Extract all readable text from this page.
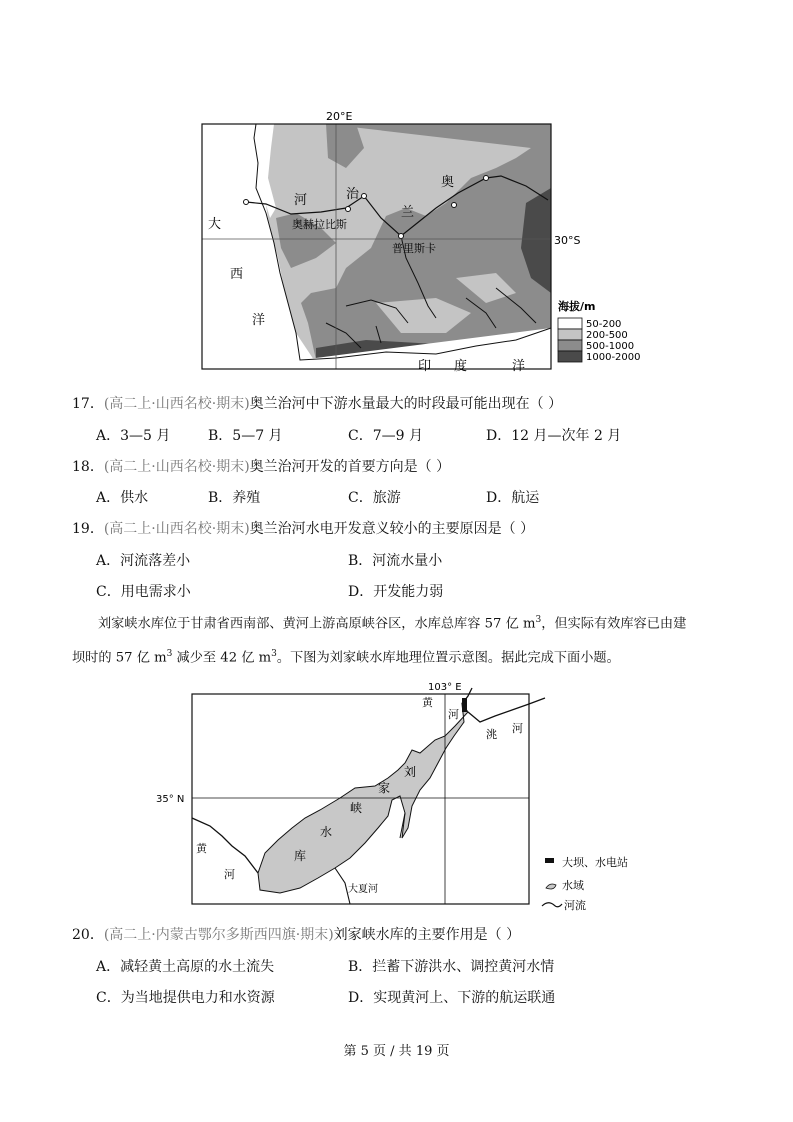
20°E
30°S
大
西
洋
河	治
奥
兰
奥赫拉比斯
普里斯卡
印 度	洋
海拔/m
50-200
200-500
500-1000
1000-2000
17．(高二上·山西名校·期末)奥兰治河中下游水量最大的时段最可能出现在（ ）
A．3—5 月	B．5—7 月	C．7—9 月	D．12 月—次年 2 月
18．(高二上·山西名校·期末)奥兰治河开发的首要方向是（ ）
A．供水	B．养殖	C．旅游	D．航运
19．(高二上·山西名校·期末)奥兰治河水电开发意义较小的主要原因是（ ）
A．河流落差小	B．河流水量小
C．用电需求小	D．开发能力弱
刘家峡水库位于甘肃省西南部、黄河上游高原峡谷区，水库总库容 57 亿 $m^3$，但实际有效库容已由建
坝时的 57 亿 $m^3$ 减少至 42 亿 $m^3$。下图为刘家峡水库地理位置示意图。据此完成下面小题。
103° E
35° N
黄
河
洮 河
刘
家
峡
水
库
黄
河
大夏河
大坝、水电站
水域
河流
20．(高二上·内蒙古鄂尔多斯西四旗·期末)刘家峡水库的主要作用是（ ）
A．减轻黄土高原的水土流失	B．拦蓄下游洪水、调控黄河水情
C．为当地提供电力和水资源	D．实现黄河上、下游的航运联通
第 5 页 / 共 19 页
